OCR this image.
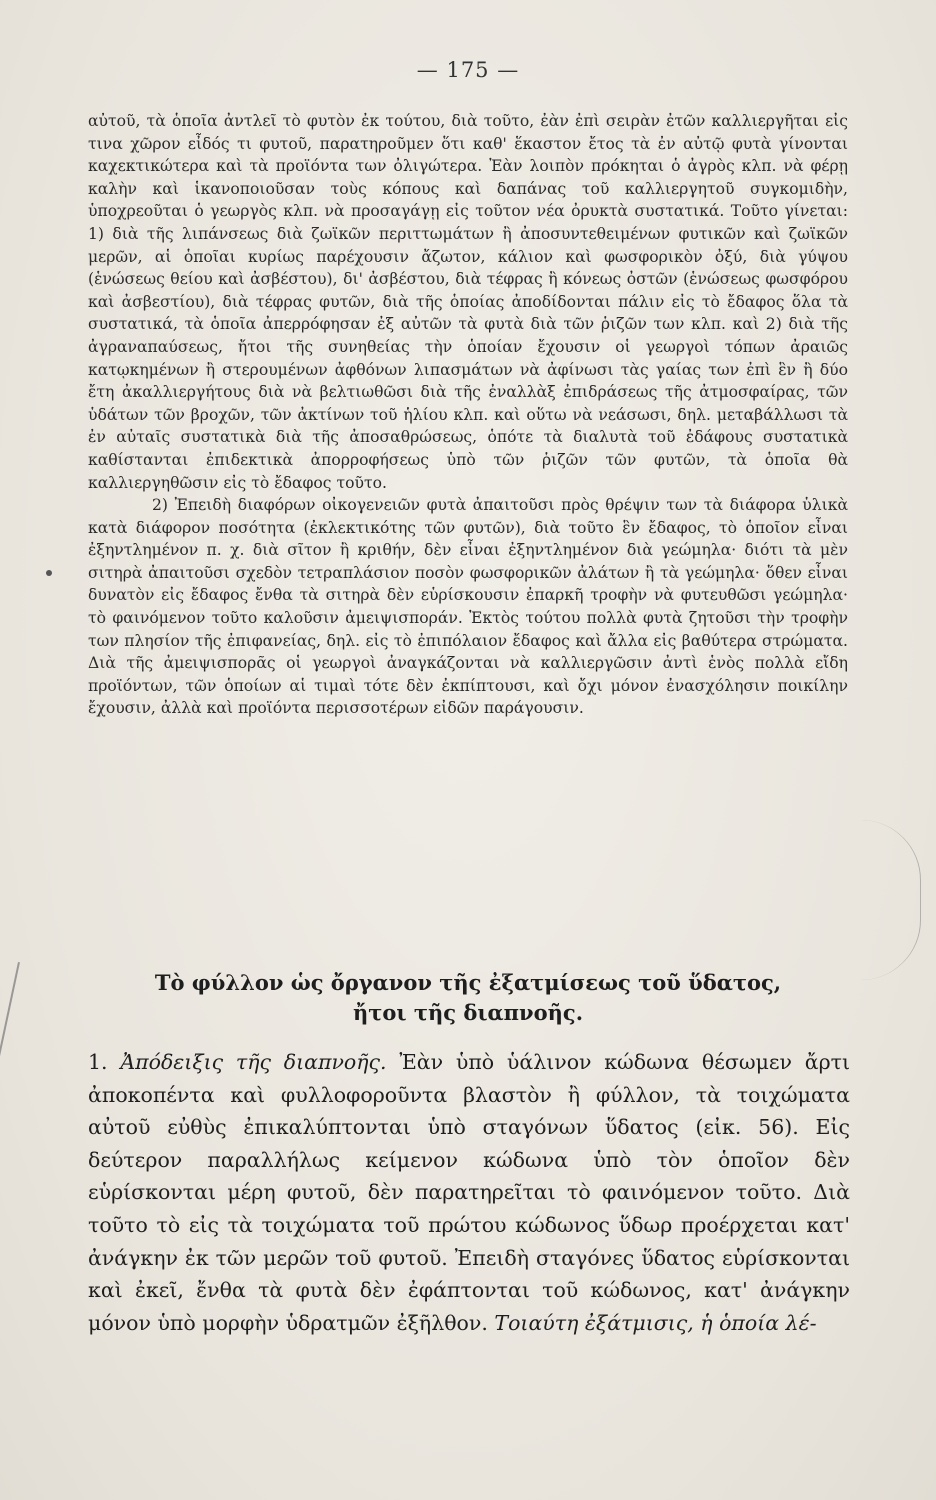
— 175 —

αὐτοῦ, τὰ ὁποῖα ἀντλεῖ τὸ φυτὸν ἐκ τούτου, διὰ τοῦτο, ἐὰν ἐπὶ σειρὰν ἐτῶν καλλιεργῆται εἰς τινα χῶρον εἶδός τι φυτοῦ, παρατηροῦμεν ὅτι καθ' ἕκαστον ἔτος τὰ ἐν αὐτῷ φυτὰ γίνονται καχεκτικώτερα καὶ τὰ προϊόντα των ὀλιγώτερα. Ἐὰν λοιπὸν πρόκηται ὁ ἀγρὸς κλπ. νὰ φέρῃ καλὴν καὶ ἱκανοποιοῦσαν τοὺς κόπους καὶ δαπάνας τοῦ καλλιεργητοῦ συγκομιδὴν, ὑποχρεοῦται ὁ γεωργὸς κλπ. νὰ προσαγάγῃ εἰς τοῦτον νέα ὀρυκτὰ συστατικά. Τοῦτο γίνεται: 1) διὰ τῆς λιπάνσεως διὰ ζωϊκῶν περιττωμάτων ἢ ἀποσυντεθειμένων φυτικῶν καὶ ζωϊκῶν μερῶν, αἱ ὁποῖαι κυρίως παρέχουσιν ἄζωτον, κάλιον καὶ φωσφορικὸν ὀξύ, διὰ γύψου (ἑνώσεως θείου καὶ ἀσβέστου), δι' ἀσβέστου, διὰ τέφρας ἢ κόνεως ὀστῶν (ἑνώσεως φωσφόρου καὶ ἀσβεστίου), διὰ τέφρας φυτῶν, διὰ τῆς ὁποίας ἀποδίδονται πάλιν εἰς τὸ ἔδαφος ὅλα τὰ συστατικά, τὰ ὁποῖα ἀπερρόφησαν ἐξ αὐτῶν τὰ φυτὰ διὰ τῶν ῥιζῶν των κλπ. καὶ 2) διὰ τῆς ἀγραναπαύσεως, ἤτοι τῆς συνηθείας τὴν ὁποίαν ἔχουσιν οἱ γεωργοὶ τόπων ἀραιῶς κατῳκημένων ἢ στερουμένων ἀφθόνων λιπασμάτων νὰ ἀφίνωσι τὰς γαίας των ἐπὶ ἓν ἢ δύο ἔτη ἀκαλλιεργήτους διὰ νὰ βελτιωθῶσι διὰ τῆς ἐναλλὰξ ἐπιδράσεως τῆς ἀτμοσφαίρας, τῶν ὑδάτων τῶν βροχῶν, τῶν ἀκτίνων τοῦ ἡλίου κλπ. καὶ οὕτω νὰ νεάσωσι, δηλ. μεταβάλλωσι τὰ ἐν αὐταῖς συστατικὰ διὰ τῆς ἀποσαθρώσεως, ὁπότε τὰ διαλυτὰ τοῦ ἐδάφους συστατικὰ καθίστανται ἐπιδεκτικὰ ἀπορροφήσεως ὑπὸ τῶν ῥιζῶν τῶν φυτῶν, τὰ ὁποῖα θὰ καλλιεργηθῶσιν εἰς τὸ ἔδαφος τοῦτο.

2) Ἐπειδὴ διαφόρων οἰκογενειῶν φυτὰ ἀπαιτοῦσι πρὸς θρέψιν των τὰ διάφορα ὑλικὰ κατὰ διάφορον ποσότητα (ἐκλεκτικότης τῶν φυτῶν), διὰ τοῦτο ἓν ἔδαφος, τὸ ὁποῖον εἶναι ἐξηντλημένον π. χ. διὰ σῖτον ἢ κριθήν, δὲν εἶναι ἐξηντλημένον διὰ γεώμηλα· διότι τὰ μὲν σιτηρὰ ἀπαιτοῦσι σχεδὸν τετραπλάσιον ποσὸν φωσφορικῶν ἀλάτων ἢ τὰ γεώμηλα· ὅθεν εἶναι δυνατὸν εἰς ἔδαφος ἔνθα τὰ σιτηρὰ δὲν εὑρίσκουσιν ἐπαρκῆ τροφὴν νὰ φυτευθῶσι γεώμηλα· τὸ φαινόμενον τοῦτο καλοῦσιν ἀμειψισποράν. Ἐκτὸς τούτου πολλὰ φυτὰ ζητοῦσι τὴν τροφὴν των πλησίον τῆς ἐπιφανείας, δηλ. εἰς τὸ ἐπιπόλαιον ἔδαφος καὶ ἄλλα εἰς βαθύτερα στρώματα. Διὰ τῆς ἀμειψισπορᾶς οἱ γεωργοὶ ἀναγκάζονται νὰ καλλιεργῶσιν ἀντὶ ἑνὸς πολλὰ εἴδη προϊόντων, τῶν ὁποίων αἱ τιμαὶ τότε δὲν ἐκπίπτουσι, καὶ ὄχι μόνον ἐνασχόλησιν ποικίλην ἔχουσιν, ἀλλὰ καὶ προϊόντα περισσοτέρων εἰδῶν παράγουσιν.

Τὸ φύλλον ὡς ὄργανον τῆς ἐξατμίσεως τοῦ ὕδατος,
ἤτοι τῆς διαπνοῆς.

1. Ἀπόδειξις τῆς διαπνοῆς. Ἐὰν ὑπὸ ὑάλινον κώδωνα θέσωμεν ἄρτι ἀποκοπέντα καὶ φυλλοφοροῦντα βλαστὸν ἢ φύλλον, τὰ τοιχώματα αὐτοῦ εὐθὺς ἐπικαλύπτονται ὑπὸ σταγόνων ὕδατος (εἰκ. 56). Εἰς δεύτερον παραλλήλως κείμενον κώδωνα ὑπὸ τὸν ὁποῖον δὲν εὑρίσκονται μέρη φυτοῦ, δὲν παρατηρεῖται τὸ φαινόμενον τοῦτο. Διὰ τοῦτο τὸ εἰς τὰ τοιχώματα τοῦ πρώτου κώδωνος ὕδωρ προέρχεται κατ' ἀνάγκην ἐκ τῶν μερῶν τοῦ φυτοῦ. Ἐπειδὴ σταγόνες ὕδατος εὑρίσκονται καὶ ἐκεῖ, ἔνθα τὰ φυτὰ δὲν ἐφάπτονται τοῦ κώδωνος, κατ' ἀνάγκην μόνον ὑπὸ μορφὴν ὑδρατμῶν ἐξῆλθον. Τοιαύτη ἐξάτμισις, ἡ ὁποία λέ-
